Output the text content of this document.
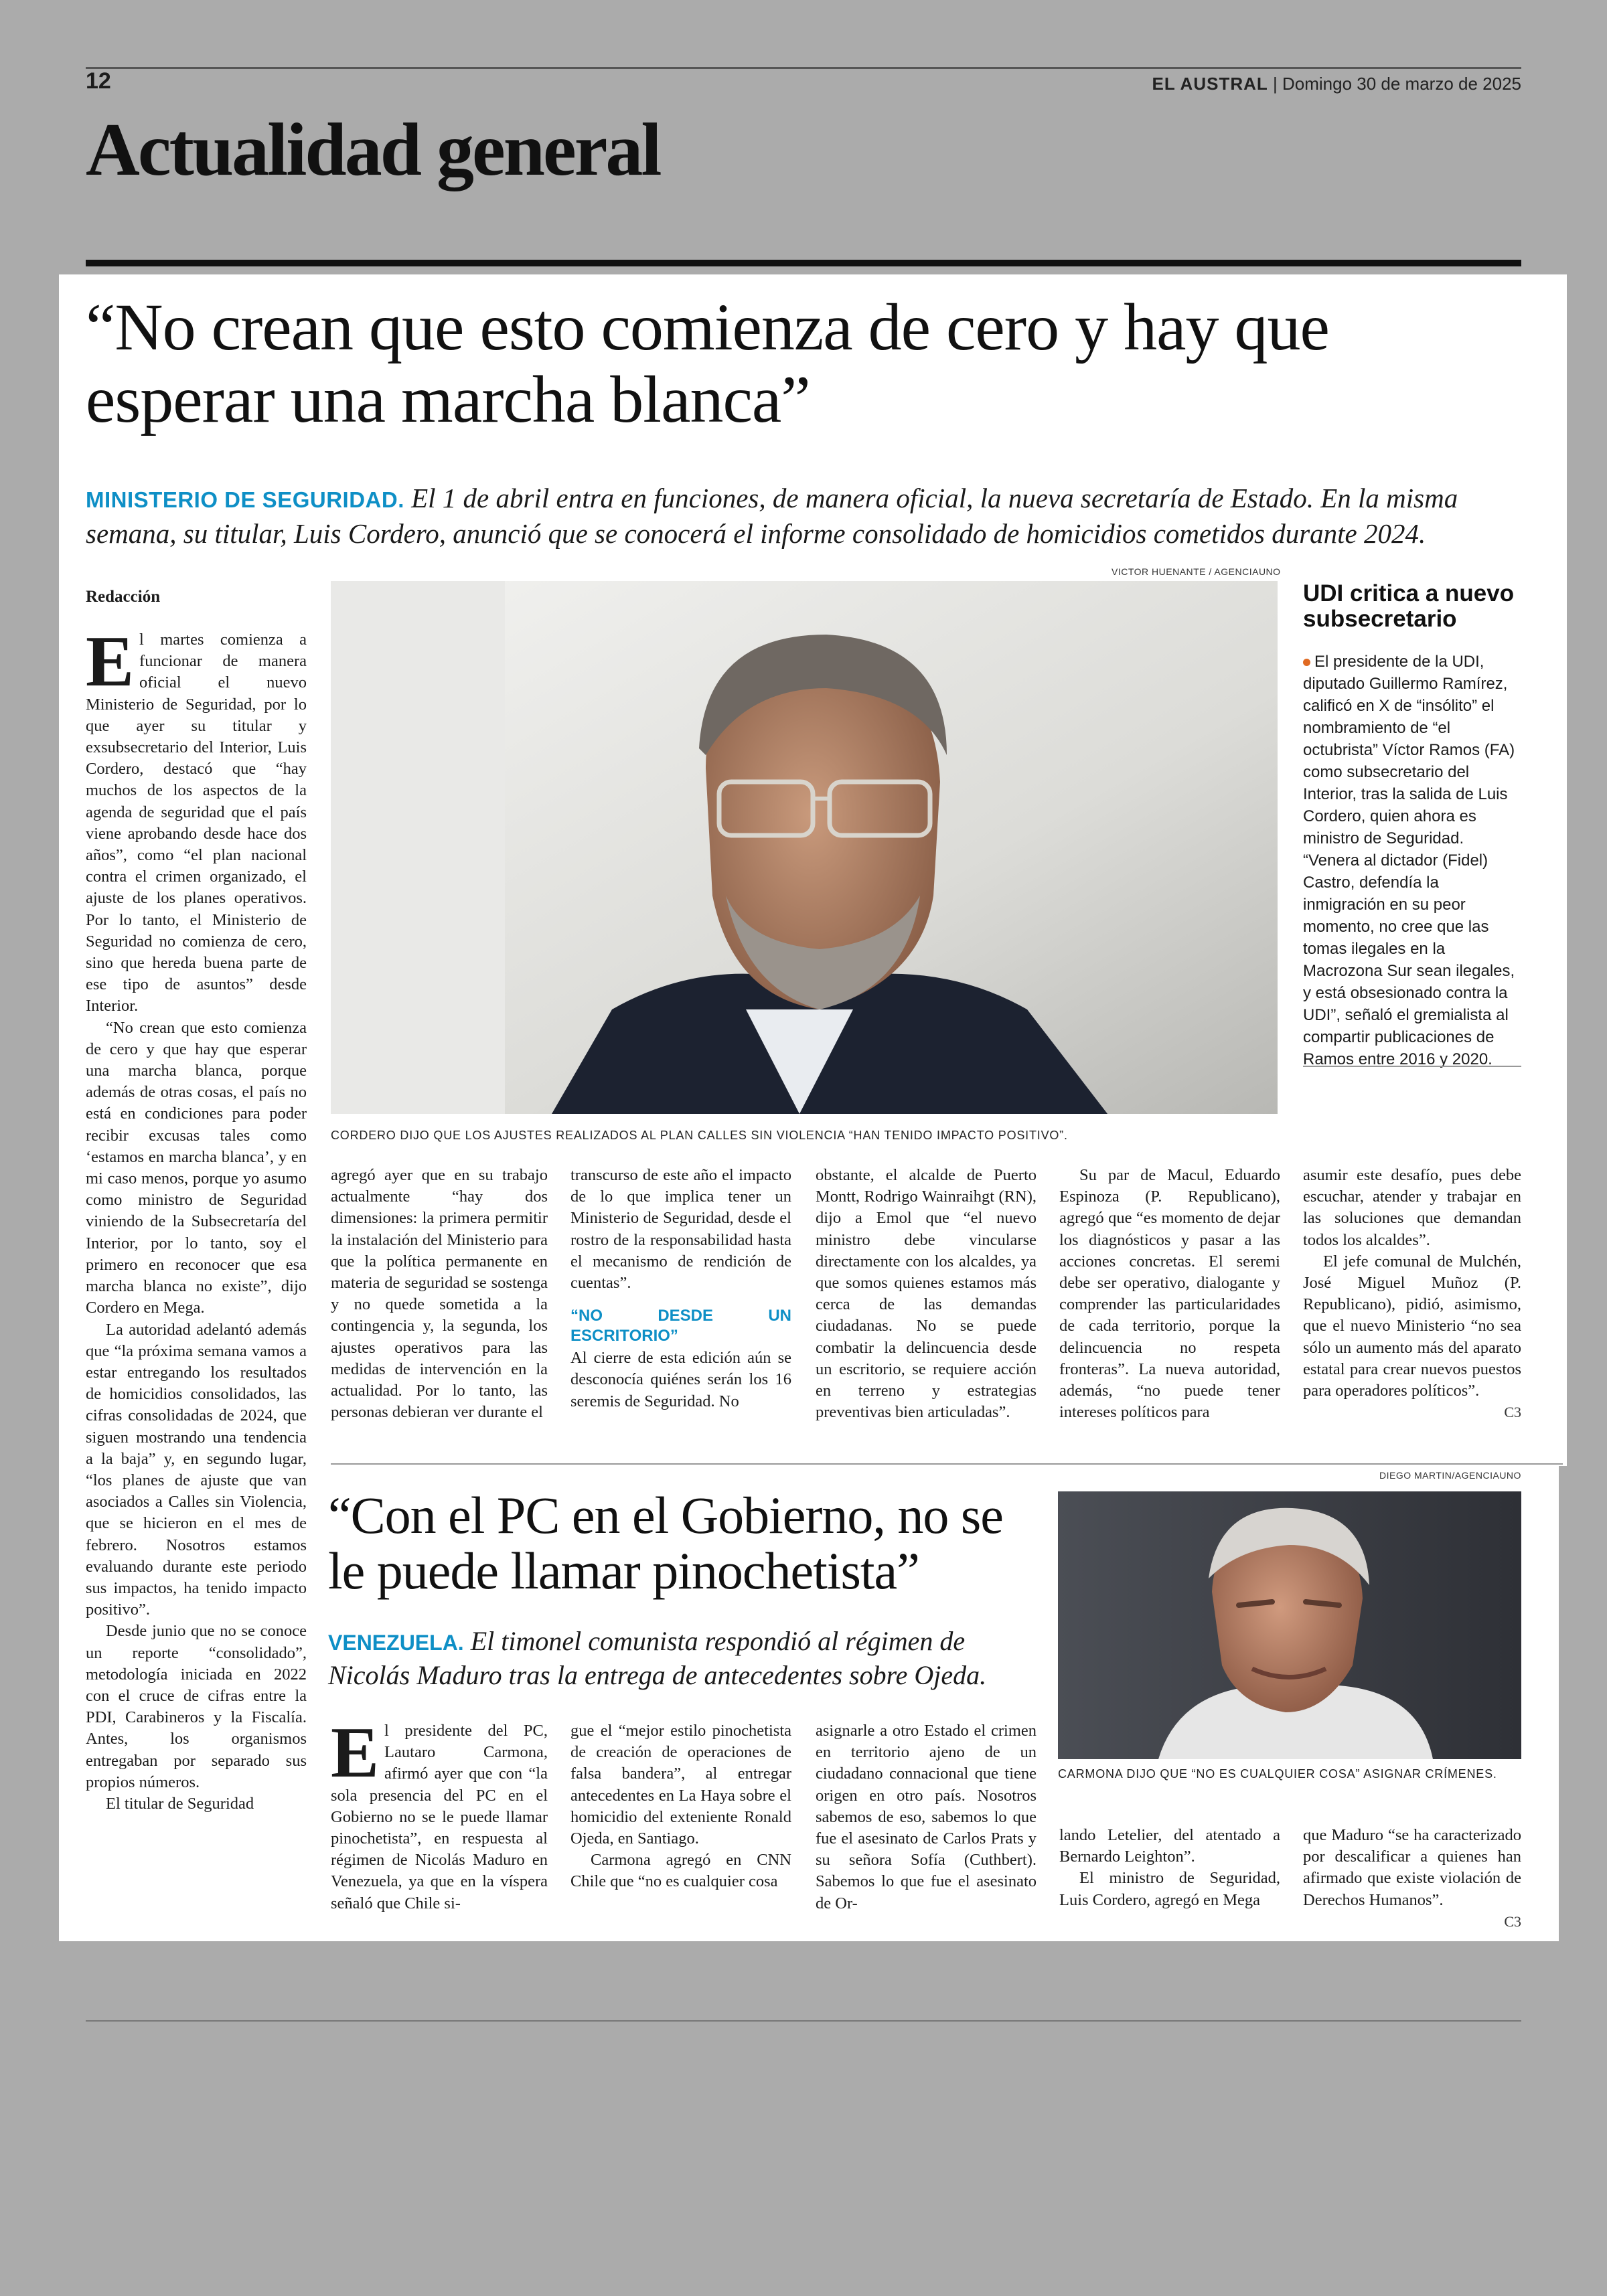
12	EL AUSTRAL | Domingo 30 de marzo de 2025
Actualidad general
“No crean que esto comienza de cero y hay que esperar una marcha blanca”
MINISTERIO DE SEGURIDAD. El 1 de abril entra en funciones, de manera oficial, la nueva secretaría de Estado. En la misma semana, su titular, Luis Cordero, anunció que se conocerá el informe consolidado de homicidios cometidos durante 2024.
VICTOR HUENANTE / AGENCIAUNO
CORDERO DIJO QUE LOS AJUSTES REALIZADOS AL PLAN CALLES SIN VIOLENCIA “HAN TENIDO IMPACTO POSITIVO”.
Redacción

El martes comienza a funcionar de manera oficial el nuevo Ministerio de Seguridad, por lo que ayer su titular y exsubsecretario del Interior, Luis Cordero, destacó que “hay muchos de los aspectos de la agenda de seguridad que el país viene aprobando desde hace dos años”, como “el plan nacional contra el crimen organizado, el ajuste de los planes operativos. Por lo tanto, el Ministerio de Seguridad no comienza de cero, sino que hereda buena parte de ese tipo de asuntos” desde Interior.

“No crean que esto comienza de cero y que hay que esperar una marcha blanca, porque además de otras cosas, el país no está en condiciones para poder recibir excusas tales como ‘estamos en marcha blanca’, y en mi caso menos, porque yo asumo como ministro de Seguridad viniendo de la Subsecretaría del Interior, por lo tanto, soy el primero en reconocer que esa marcha blanca no existe”, dijo Cordero en Mega.

La autoridad adelantó además que “la próxima semana vamos a estar entregando los resultados de homicidios consolidados, las cifras consolidadas de 2024, que siguen mostrando una tendencia a la baja” y, en segundo lugar, “los planes de ajuste que van asociados a Calles sin Violencia, que se hicieron en el mes de febrero. Nosotros estamos evaluando durante este periodo sus impactos, ha tenido impacto positivo”.

Desde junio que no se conoce un reporte “consolidado”, metodología iniciada en 2022 con el cruce de cifras entre la PDI, Carabineros y la Fiscalía. Antes, los organismos entregaban por separado sus propios números.

El titular de Seguridad

agregó ayer que en su trabajo actualmente “hay dos dimensiones: la primera permitir la instalación del Ministerio para que la política permanente en materia de seguridad se sostenga y no quede sometida a la contingencia y, la segunda, los ajustes operativos para las medidas de intervención en la actualidad. Por lo tanto, las personas debieran ver durante el

transcurso de este año el impacto de lo que implica tener un Ministerio de Seguridad, desde el rostro de la responsabilidad hasta el mecanismo de rendición de cuentas”.

“NO DESDE UN ESCRITORIO”

Al cierre de esta edición aún se desconocía quiénes serán los 16 seremis de Seguridad. No

obstante, el alcalde de Puerto Montt, Rodrigo Wainraihgt (RN), dijo a Emol que “el nuevo ministro debe vincularse directamente con los alcaldes, ya que somos quienes estamos más cerca de las demandas ciudadanas. No se puede combatir la delincuencia desde un escritorio, se requiere acción en terreno y estrategias preventivas bien articuladas”.

Su par de Macul, Eduardo Espinoza (P. Republicano), agregó que “es momento de dejar los diagnósticos y pasar a las acciones concretas. El seremi debe ser operativo, dialogante y comprender las particularidades de cada territorio, porque la delincuencia no respeta fronteras”. La nueva autoridad, además, “no puede tener intereses políticos para

asumir este desafío, pues debe escuchar, atender y trabajar en las soluciones que demandan todos los alcaldes”.

El jefe comunal de Mulchén, José Miguel Muñoz (P. Republicano), pidió, asimismo, que el nuevo Ministerio “no sea sólo un aumento más del aparato estatal para crear nuevos puestos para operadores políticos”.

C3
UDI critica a nuevo subsecretario
El presidente de la UDI, diputado Guillermo Ramírez, calificó en X de “insólito” el nombramiento de “el octubrista” Víctor Ramos (FA) como subsecretario del Interior, tras la salida de Luis Cordero, quien ahora es ministro de Seguridad. “Venera al dictador (Fidel) Castro, defendía la inmigración en su peor momento, no cree que las tomas ilegales en la Macrozona Sur sean ilegales, y está obsesionado contra la UDI”, señaló el gremialista al compartir publicaciones de Ramos entre 2016 y 2020.
“Con el PC en el Gobierno, no se le puede llamar pinochetista”
VENEZUELA. El timonel comunista respondió al régimen de Nicolás Maduro tras la entrega de antecedentes sobre Ojeda.
DIEGO MARTIN/AGENCIAUNO
CARMONA DIJO QUE “NO ES CUALQUIER COSA” ASIGNAR CRÍMENES.

El presidente del PC, Lautaro Carmona, afirmó ayer que con “la sola presencia del PC en el Gobierno no se le puede llamar pinochetista”, en respuesta al régimen de Nicolás Maduro en Venezuela, ya que en la víspera señaló que Chile si-

gue el “mejor estilo pinochetista de creación de operaciones de falsa bandera”, al entregar antecedentes en La Haya sobre el homicidio del exteniente Ronald Ojeda, en Santiago.

Carmona agregó en CNN Chile que “no es cualquier cosa

asignarle a otro Estado el crimen en territorio ajeno de un ciudadano connacional que tiene origen en otro país. Nosotros sabemos de eso, sabemos lo que fue el asesinato de Carlos Prats y su señora Sofía (Cuthbert). Sabemos lo que fue el asesinato de Or-

lando Letelier, del atentado a Bernardo Leighton”.

El ministro de Seguridad, Luis Cordero, agregó en Mega

que Maduro “se ha caracterizado por descalificar a quienes han afirmado que existe violación de Derechos Humanos”.

C3
